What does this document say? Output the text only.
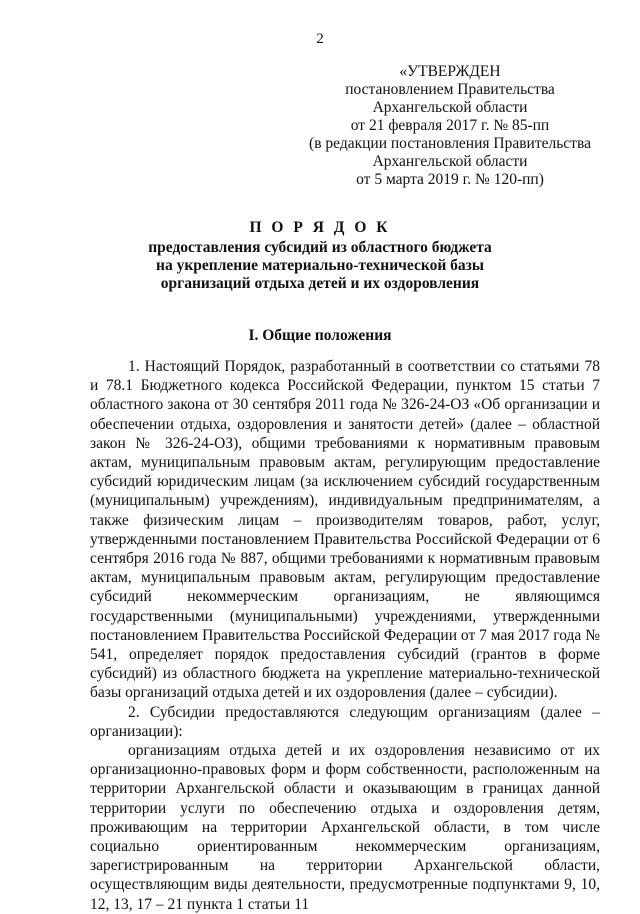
2
«УТВЕРЖДЕН
постановлением Правительства
Архангельской области
от 21 февраля 2017 г. № 85-пп
(в редакции постановления Правительства
Архангельской области
от 5 марта 2019 г. № 120-пп)
П О Р Я Д О К
предоставления субсидий из областного бюджета
на укрепление материально-технической базы
организаций отдыха детей и их оздоровления
I. Общие положения
1. Настоящий Порядок, разработанный в соответствии со статьями 78 и 78.1 Бюджетного кодекса Российской Федерации, пунктом 15 статьи 7 областного закона от 30 сентября 2011 года № 326-24-ОЗ «Об организации и обеспечении отдыха, оздоровления и занятости детей» (далее – областной закон № 326-24-ОЗ), общими требованиями к нормативным правовым актам, муниципальным правовым актам, регулирующим предоставление субсидий юридическим лицам (за исключением субсидий государственным (муниципальным) учреждениям), индивидуальным предпринимателям, а также физическим лицам – производителям товаров, работ, услуг, утвержденными постановлением Правительства Российской Федерации от 6 сентября 2016 года № 887, общими требованиями к нормативным правовым актам, муниципальным правовым актам, регулирующим предоставление субсидий некоммерческим организациям, не являющимся государственными (муниципальными) учреждениями, утвержденными постановлением Правительства Российской Федерации от 7 мая 2017 года № 541, определяет порядок предоставления субсидий (грантов в форме субсидий) из областного бюджета на укрепление материально-технической базы организаций отдыха детей и их оздоровления (далее – субсидии).
2. Субсидии предоставляются следующим организациям (далее – организации):
организациям отдыха детей и их оздоровления независимо от их организационно-правовых форм и форм собственности, расположенным на территории Архангельской области и оказывающим в границах данной территории услуги по обеспечению отдыха и оздоровления детям, проживающим на территории Архангельской области, в том числе социально ориентированным некоммерческим организациям, зарегистрированным на территории Архангельской области, осуществляющим виды деятельности, предусмотренные подпунктами 9, 10, 12, 13, 17 – 21 пункта 1 статьи 11
